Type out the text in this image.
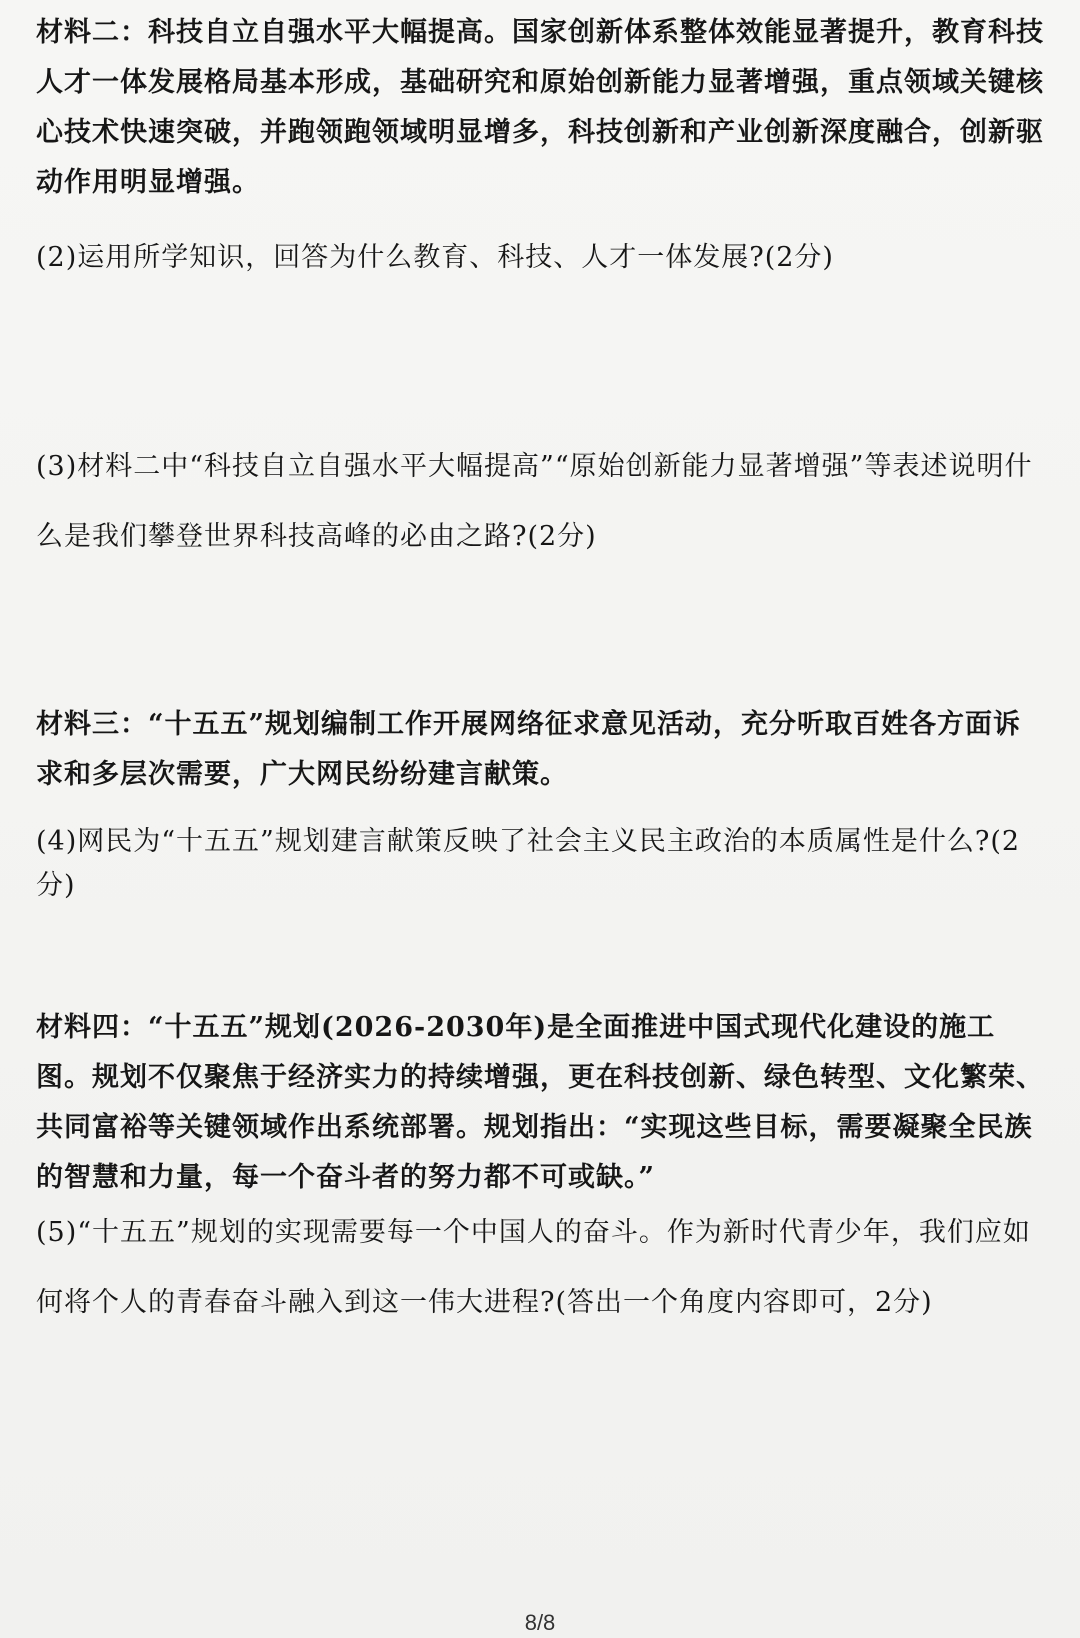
材料二：科技自立自强水平大幅提高。国家创新体系整体效能显著提升，教育科技人才一体发展格局基本形成，基础研究和原始创新能力显著增强，重点领域关键核心技术快速突破，并跑领跑领域明显增多，科技创新和产业创新深度融合，创新驱动作用明显增强。

(2)运用所学知识，回答为什么教育、科技、人才一体发展?(2分)

(3)材料二中“科技自立自强水平大幅提高”“原始创新能力显著增强”等表述说明什么是我们攀登世界科技高峰的必由之路?(2分)

材料三：“十五五”规划编制工作开展网络征求意见活动，充分听取百姓各方面诉求和多层次需要，广大网民纷纷建言献策。

(4)网民为“十五五”规划建言献策反映了社会主义民主政治的本质属性是什么?(2分)

材料四：“十五五”规划(2026-2030年)是全面推进中国式现代化建设的施工图。规划不仅聚焦于经济实力的持续增强，更在科技创新、绿色转型、文化繁荣、共同富裕等关键领域作出系统部署。规划指出：“实现这些目标，需要凝聚全民族的智慧和力量，每一个奋斗者的努力都不可或缺。”

(5)“十五五”规划的实现需要每一个中国人的奋斗。作为新时代青少年，我们应如何将个人的青春奋斗融入到这一伟大进程?(答出一个角度内容即可，2分)

8/8
